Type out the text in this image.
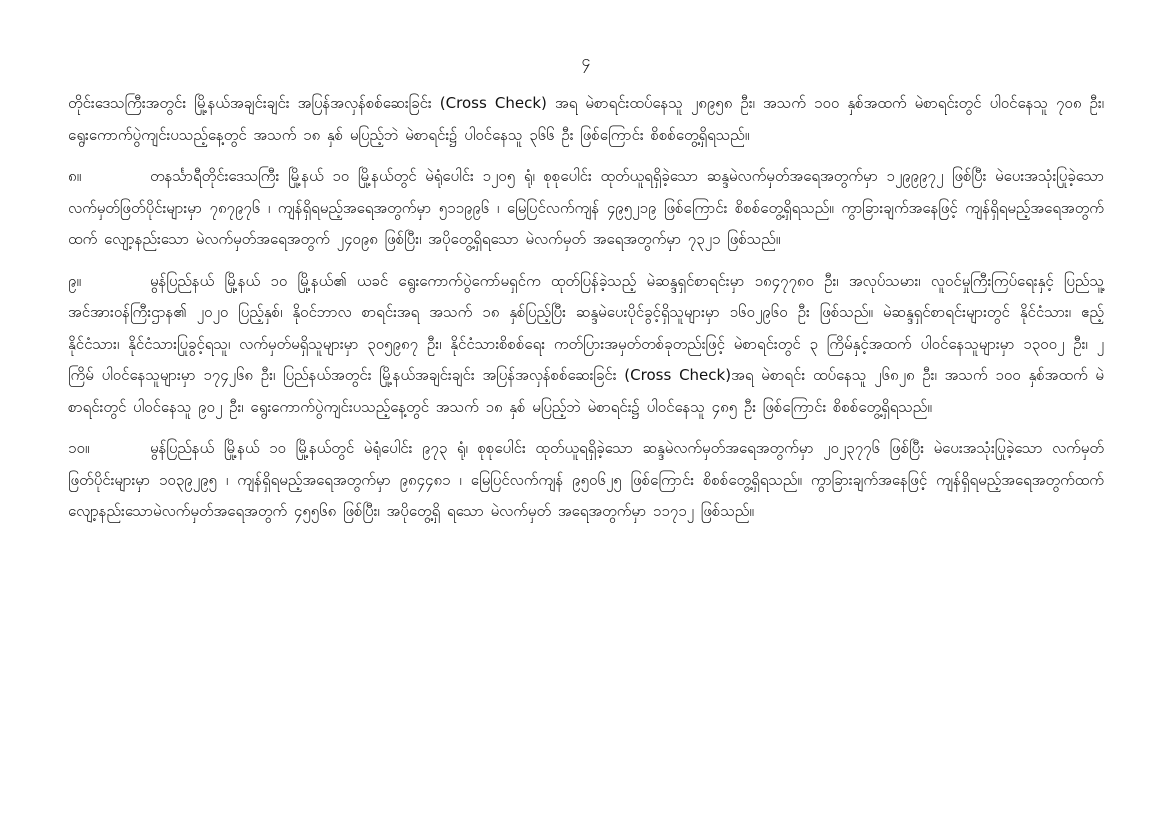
၄

တိုင်းဒေသကြီးအတွင်း မြို့နယ်အချင်းချင်း အပြန်အလှန်စစ်ဆေးခြင်း (Cross Check) အရ မဲစာရင်းထပ်နေသူ ၂၈၉၅၈ ဦး၊ အသက် ၁၀၀ နှစ်အထက် မဲစာရင်းတွင် ပါဝင်နေသူ ၇၀၈ ဦး၊ ရွေးကောက်ပွဲကျင်းပသည့်နေ့တွင် အသက် ၁၈ နှစ် မပြည့်ဘဲ မဲစာရင်း၌ ပါဝင်နေသူ ၃၆၆ ဦး ဖြစ်ကြောင်း စိစစ်တွေ့ရှိရသည်။

၈။	တနင်္သာရီတိုင်းဒေသကြီး မြို့နယ် ၁၀ မြို့နယ်တွင် မဲရုံပေါင်း ၁၂၀၅ ရုံ၊ စုစုပေါင်း ထုတ်ယူရရှိခဲ့သော ဆန္ဒမဲလက်မှတ်အရေအတွက်မှာ ၁၂၉၉၉၇၂ ဖြစ်ပြီး မဲပေးအသုံးပြုခဲ့သော လက်မှတ်ဖြတ်ပိုင်းများမှာ ၇၈၇၉၇၆ ၊ ကျန်ရှိရမည့်အရေအတွက်မှာ ၅၁၁၉၉၆ ၊ မြေပြင်လက်ကျန် ၄၉၅၂၁၉ ဖြစ်ကြောင်း စိစစ်တွေ့ရှိရသည်။ ကွာခြားချက်အနေဖြင့် ကျန်ရှိရမည့်အရေအတွက်ထက် လျော့နည်းသော မဲလက်မှတ်အရေအတွက် ၂၄၀၉၈ ဖြစ်ပြီး၊ အပိုတွေ့ရှိရသော မဲလက်မှတ် အရေအတွက်မှာ ၇၃၂၁ ဖြစ်သည်။

၉။	မွန်ပြည်နယ် မြို့နယ် ၁၀ မြို့နယ်၏ ယခင် ရွေးကောက်ပွဲကော်မရှင်က ထုတ်ပြန်ခဲ့သည့် မဲဆန္ဒရှင်စာရင်းမှာ ၁၈၄၇၇၈၀ ဦး၊ အလုပ်သမား၊ လူဝင်မှုကြီးကြပ်ရေးနှင့် ပြည်သူ့အင်အားဝန်ကြီးဌာန၏ ၂၀၂၀ ပြည့်နှစ်၊ နိုဝင်ဘာလ စာရင်းအရ အသက် ၁၈ နှစ်ပြည့်ပြီး ဆန္ဒမဲပေးပိုင်ခွင့်ရှိသူများမှာ ၁၆၀၂၉၆၀ ဦး ဖြစ်သည်။ မဲဆန္ဒရှင်စာရင်းများတွင် နိုင်ငံသား၊ ဧည့်နိုင်ငံသား၊ နိုင်ငံသားပြုခွင့်ရသူ၊ လက်မှတ်မရှိသူများမှာ ၃၀၅၉၈၇ ဦး၊ နိုင်ငံသားစိစစ်ရေး ကတ်ပြားအမှတ်တစ်ခုတည်းဖြင့် မဲစာရင်းတွင် ၃ ကြိမ်နှင့်အထက် ပါဝင်နေသူများမှာ ၁၃၀၀၂ ဦး၊ ၂ ကြိမ် ပါဝင်နေသူများမှာ ၁၇၄၂၆၈ ဦး၊ ပြည်နယ်အတွင်း မြို့နယ်အချင်းချင်း အပြန်အလှန်စစ်ဆေးခြင်း (Cross Check)အရ မဲစာရင်း ထပ်နေသူ ၂၆၈၂၈ ဦး၊ အသက် ၁၀၀ နှစ်အထက် မဲစာရင်းတွင် ပါဝင်နေသူ ၉၀၂ ဦး၊ ရွေးကောက်ပွဲကျင်းပသည့်နေ့တွင် အသက် ၁၈ နှစ် မပြည့်ဘဲ မဲစာရင်း၌ ပါဝင်နေသူ ၄၈၅ ဦး ဖြစ်ကြောင်း စိစစ်တွေ့ရှိရသည်။

၁၀။	မွန်ပြည်နယ် မြို့နယ် ၁၀ မြို့နယ်တွင် မဲရုံပေါင်း ၉၇၃ ရုံ၊ စုစုပေါင်း ထုတ်ယူရရှိခဲ့သော ဆန္ဒမဲလက်မှတ်အရေအတွက်မှာ ၂၀၂၃၇၇၆ ဖြစ်ပြီး မဲပေးအသုံးပြုခဲ့သော လက်မှတ်ဖြတ်ပိုင်းများမှာ ၁၀၃၉၂၉၅ ၊ ကျန်ရှိရမည့်အရေအတွက်မှာ ၉၈၄၄၈၁ ၊ မြေပြင်လက်ကျန် ၉၅၀၆၂၅ ဖြစ်ကြောင်း စိစစ်တွေ့ရှိရသည်။ ကွာခြားချက်အနေဖြင့် ကျန်ရှိရမည့်အရေအတွက်ထက် လျော့နည်းသောမဲလက်မှတ်အရေအတွက် ၄၅၅၆၈ ဖြစ်ပြီး၊ အပိုတွေ့ရှိ ရသော မဲလက်မှတ် အရေအတွက်မှာ ၁၁၇၁၂ ဖြစ်သည်။
